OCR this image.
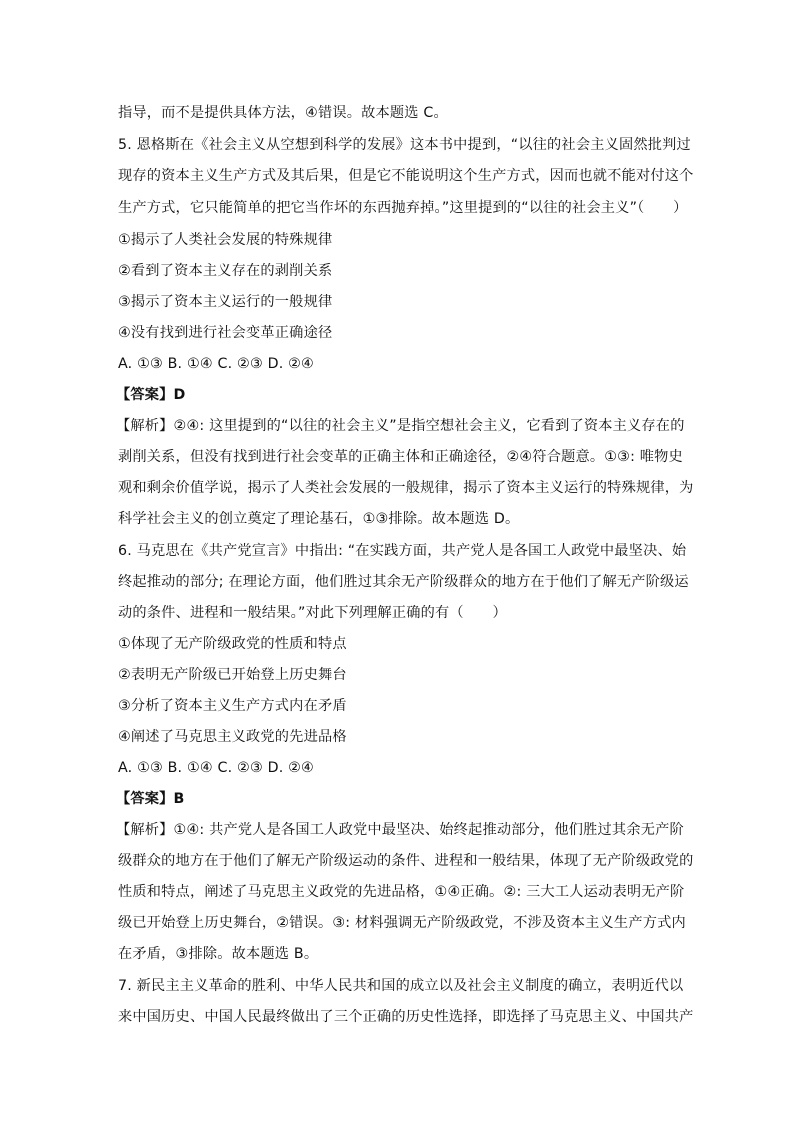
指导，而不是提供具体方法，④错误。故本题选 C。
5. 恩格斯在《社会主义从空想到科学的发展》这本书中提到，“以往的社会主义固然批判过
现存的资本主义生产方式及其后果，但是它不能说明这个生产方式，因而也就不能对付这个
生产方式，它只能简单的把它当作坏的东西抛弃掉。”这里提到的“以往的社会主义”（　　）
①揭示了人类社会发展的特殊规律
②看到了资本主义存在的剥削关系
③揭示了资本主义运行的一般规律
④没有找到进行社会变革正确途径
A. ①③ B. ①④ C. ②③ D. ②④
【答案】D
【解析】②④: 这里提到的“以往的社会主义”是指空想社会主义，它看到了资本主义存在的
剥削关系，但没有找到进行社会变革的正确主体和正确途径，②④符合题意。①③: 唯物史
观和剩余价值学说，揭示了人类社会发展的一般规律，揭示了资本主义运行的特殊规律，为
科学社会主义的创立奠定了理论基石，①③排除。故本题选 D。
6. 马克思在《共产党宣言》中指出: “在实践方面，共产党人是各国工人政党中最坚决、始
终起推动的部分; 在理论方面，他们胜过其余无产阶级群众的地方在于他们了解无产阶级运
动的条件、进程和一般结果。”对此下列理解正确的有（　　）
①体现了无产阶级政党的性质和特点
②表明无产阶级已开始登上历史舞台
③分析了资本主义生产方式内在矛盾
④阐述了马克思主义政党的先进品格
A. ①③ B. ①④ C. ②③ D. ②④
【答案】B
【解析】①④: 共产党人是各国工人政党中最坚决、始终起推动部分，他们胜过其余无产阶
级群众的地方在于他们了解无产阶级运动的条件、进程和一般结果，体现了无产阶级政党的
性质和特点，阐述了马克思主义政党的先进品格，①④正确。②: 三大工人运动表明无产阶
级已开始登上历史舞台，②错误。③: 材料强调无产阶级政党，不涉及资本主义生产方式内
在矛盾，③排除。故本题选 B。
7. 新民主主义革命的胜利、中华人民共和国的成立以及社会主义制度的确立，表明近代以
来中国历史、中国人民最终做出了三个正确的历史性选择，即选择了马克思主义、中国共产
